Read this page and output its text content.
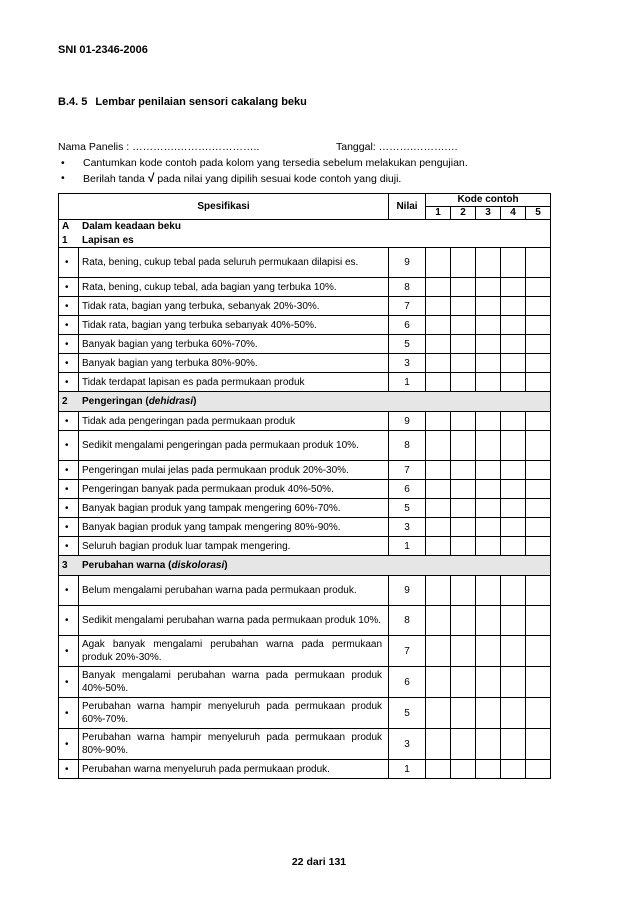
SNI 01-2346-2006
B.4. 5 Lembar penilaian sensori cakalang beku
Nama Panelis : ………….……….…………..	Tanggal: ……….……….…
• Cantumkan kode contoh pada kolom yang tersedia sebelum melakukan pengujian.
• Berilah tanda √ pada nilai yang dipilih sesuai kode contoh yang diuji.
Spesifikasi		Nilai	Kode contoh				
			1	2	3	4	5
A Dalam keadaan beku							
1 Lapisan es							
•	Rata, bening, cukup tebal pada seluruh permukaan dilapisi es.	9					
•	Rata, bening, cukup tebal, ada bagian yang terbuka 10%.	8					
•	Tidak rata, bagian yang terbuka, sebanyak 20%-30%.	7					
•	Tidak rata, bagian yang terbuka sebanyak 40%-50%.	6					
•	Banyak bagian yang terbuka 60%-70%.	5					
•	Banyak bagian yang terbuka 80%-90%.	3					
•	Tidak terdapat lapisan es pada permukaan produk	1					
2 Pengeringan (dehidrasi)							
•	Tidak ada pengeringan pada permukaan produk	9					
•	Sedikit mengalami pengeringan pada permukaan produk 10%.	8					
•	Pengeringan mulai jelas pada permukaan produk 20%-30%.	7					
•	Pengeringan banyak pada permukaan produk 40%-50%.	6					
•	Banyak bagian produk yang tampak mengering 60%-70%.	5					
•	Banyak bagian produk yang tampak mengering 80%-90%.	3					
•	Seluruh bagian produk luar tampak mengering.	1					
3 Perubahan warna (diskolorasi)							
•	Belum mengalami perubahan warna pada permukaan produk.	9					
•	Sedikit mengalami perubahan warna pada permukaan produk 10%.	8					
•	Agak banyak mengalami perubahan warna pada permukaan produk 20%-30%.	7					
•	Banyak mengalami perubahan warna pada permukaan produk 40%-50%.	6					
•	Perubahan warna hampir menyeluruh pada permukaan produk 60%-70%.	5					
•	Perubahan warna hampir menyeluruh pada permukaan produk 80%-90%.	3					
•	Perubahan warna menyeluruh pada permukaan produk.	1					
22 dari 131
